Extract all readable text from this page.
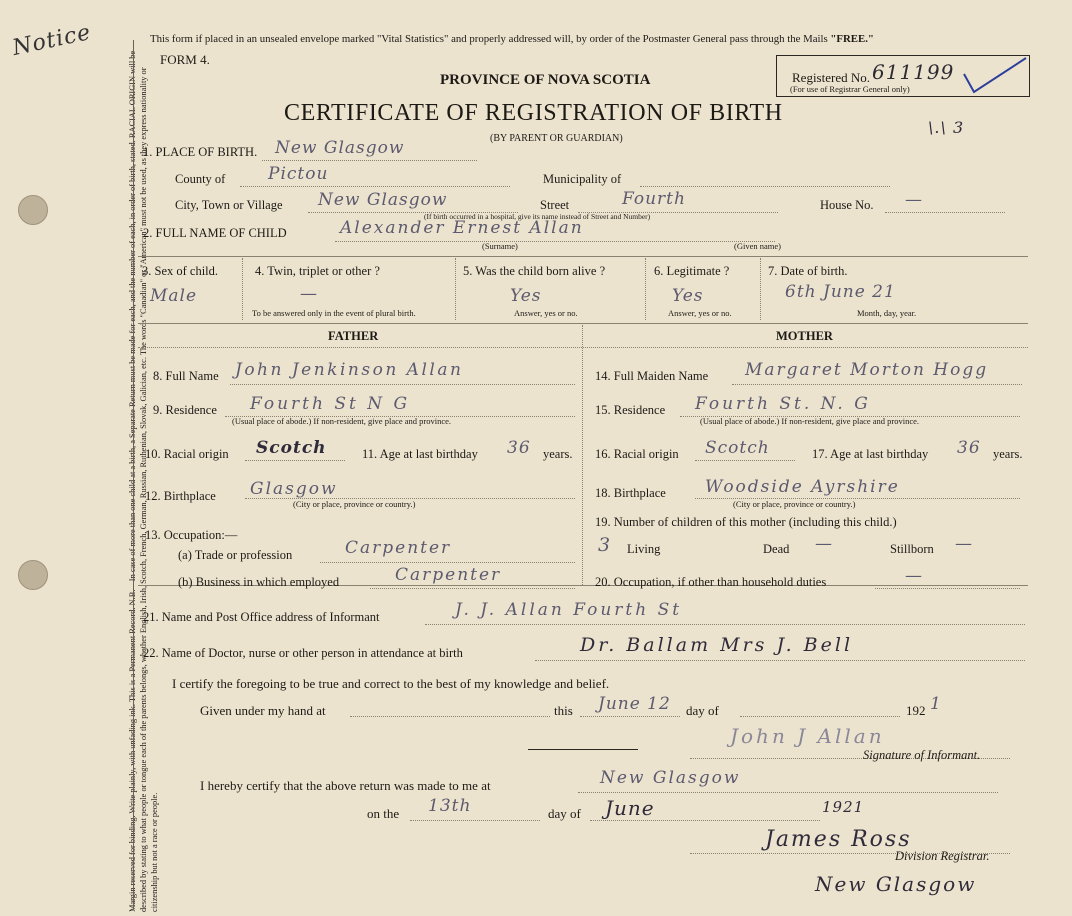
Notice
Margin reserved for binding. Write plainly, with unfading ink. This is a Permanent Record. N.B.—In case of more than one child at a birth, a Separate Return must be made for each, and the number of each, in order of birth, stated. RACIAL ORIGIN will be described by stating to what people or tongue each of the parents belongs, whether English, Irish, Scotch, French, German, Russian, Ruthenian, Slovak, Galician, etc. The words "Canadian" or "American" must not be used, as they express nationality or citizenship but not a race or people.
This form if placed in an unsealed envelope marked "Vital Statistics" and properly addressed will, by order of the Postmaster General pass through the Mails "FREE."
FORM 4.
PROVINCE OF NOVA SCOTIA
CERTIFICATE OF REGISTRATION OF BIRTH
(BY PARENT OR GUARDIAN)
Registered No. 611199
(For use of Registrar General only)
\.\ 3
1. PLACE OF BIRTH. New Glasgow
County of	Pictou	Municipality of
City, Town or Village New Glasgow	Street	Fourth
(If birth occurred in a hospital, give its name instead of Street and Number)
House No. —
2. FULL NAME OF CHILD	Alexander Ernest Allan
(Surname)	(Given name)
3. Sex of child.
Male
4. Twin, triplet or other ?
—
To be answered only in the event of plural birth.
5. Was the child born alive ?
Yes
Answer, yes or no.
6. Legitimate ?
Yes
Answer, yes or no.
7. Date of birth.
6th June 21
Month, day, year.
FATHER	MOTHER
8. Full Name John Jenkinson Allan
9. Residence Fourth St N G
(Usual place of abode.) If non-resident, give place and province.
10. Racial origin Scotch	11. Age at last birthday 36 years.
12. Birthplace Glasgow
(City or place, province or country.)
13. Occupation:—
(a) Trade or profession	Carpenter
(b) Business in which employed	Carpenter
14. Full Maiden Name Margaret Morton Hogg
15. Residence Fourth St. N. G
(Usual place of abode.) If non-resident, give place and province.
16. Racial origin Scotch	17. Age at last birthday 36 years.
18. Birthplace Woodside Ayrshire
(City or place, province or country.)
19. Number of children of this mother (including this child.)
3 Living	Dead —	Stillborn —
20. Occupation, if other than household duties	—
21. Name and Post Office address of Informant	J. J. Allan Fourth St
22. Name of Doctor, nurse or other person in attendance at birth	Dr. Ballam Mrs J. Bell
I certify the foregoing to be true and correct to the best of my knowledge and belief.
Given under my hand at	this June 12 day of	192 1
John J Allan
Signature of Informant.
I hereby certify that the above return was made to me at	New Glasgow
on the 13th	day of June	1921
James Ross
Division Registrar.
New Glasgow
